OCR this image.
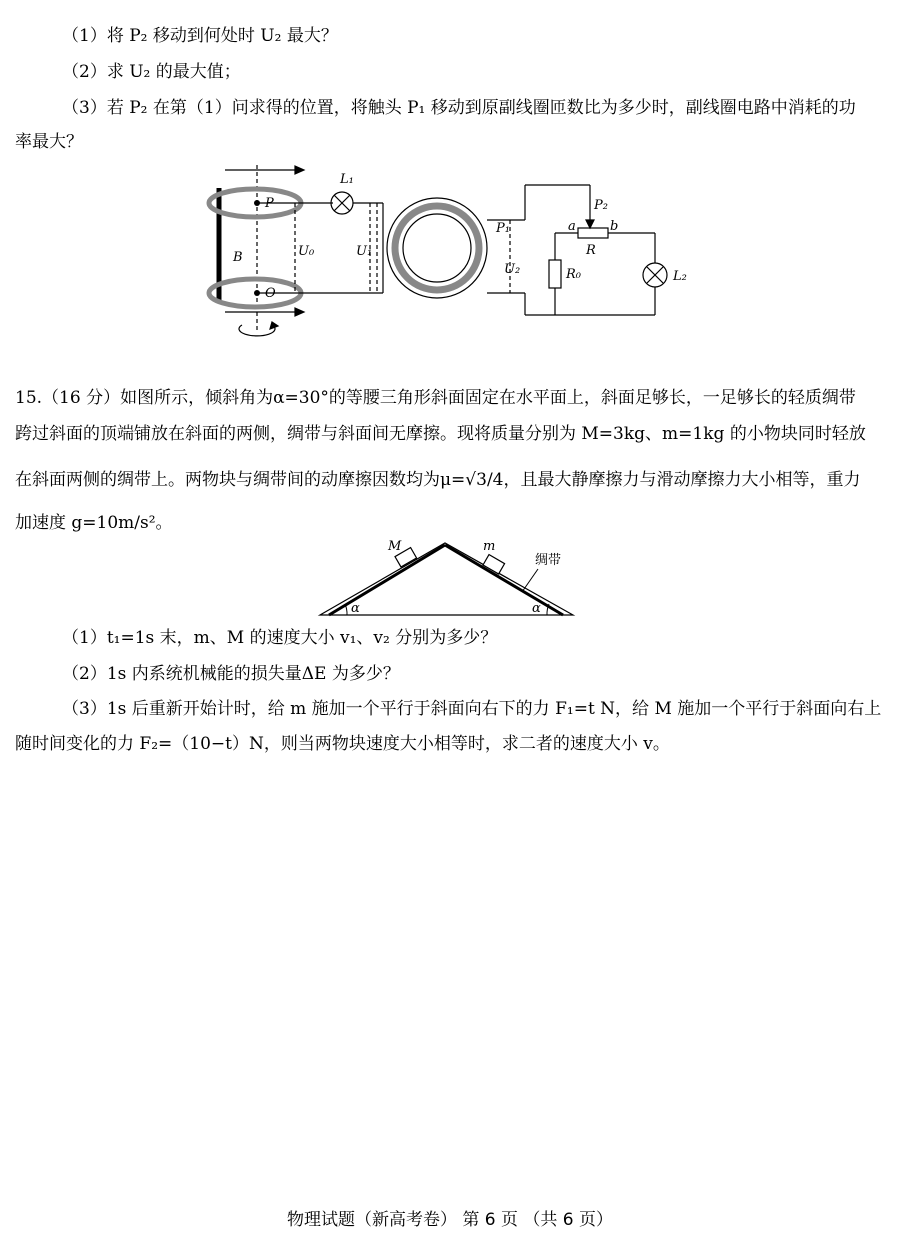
（1）将 P₂ 移动到何处时 U₂ 最大？
（2）求 U₂ 的最大值；
（3）若 P₂ 在第（1）问求得的位置，将触头 P₁ 移动到原副线圈匝数比为多少时，副线圈电路中消耗的功
率最大？
L₁
P
O
B	U₀	U₁
P₁
U₂
P₂
a	b
R
R₀	L₂
15.（16 分）如图所示，倾斜角为α=30°的等腰三角形斜面固定在水平面上，斜面足够长，一足够长的轻质绸带
跨过斜面的顶端铺放在斜面的两侧，绸带与斜面间无摩擦。现将质量分别为 M=3kg、m=1kg 的小物块同时轻放
在斜面两侧的绸带上。两物块与绸带间的动摩擦因数均为μ=√3/4，且最大静摩擦力与滑动摩擦力大小相等，重力
加速度 g=10m/s²。
M	m
α	α
绸带
（1）t₁=1s 末，m、M 的速度大小 v₁、v₂ 分别为多少？
（2）1s 内系统机械能的损失量ΔE 为多少？
（3）1s 后重新开始计时，给 m 施加一个平行于斜面向右下的力 F₁=t N，给 M 施加一个平行于斜面向右上
随时间变化的力 F₂=（10−t）N，则当两物块速度大小相等时，求二者的速度大小 v。
物理试题（新高考卷） 第 6 页 （共 6 页）
